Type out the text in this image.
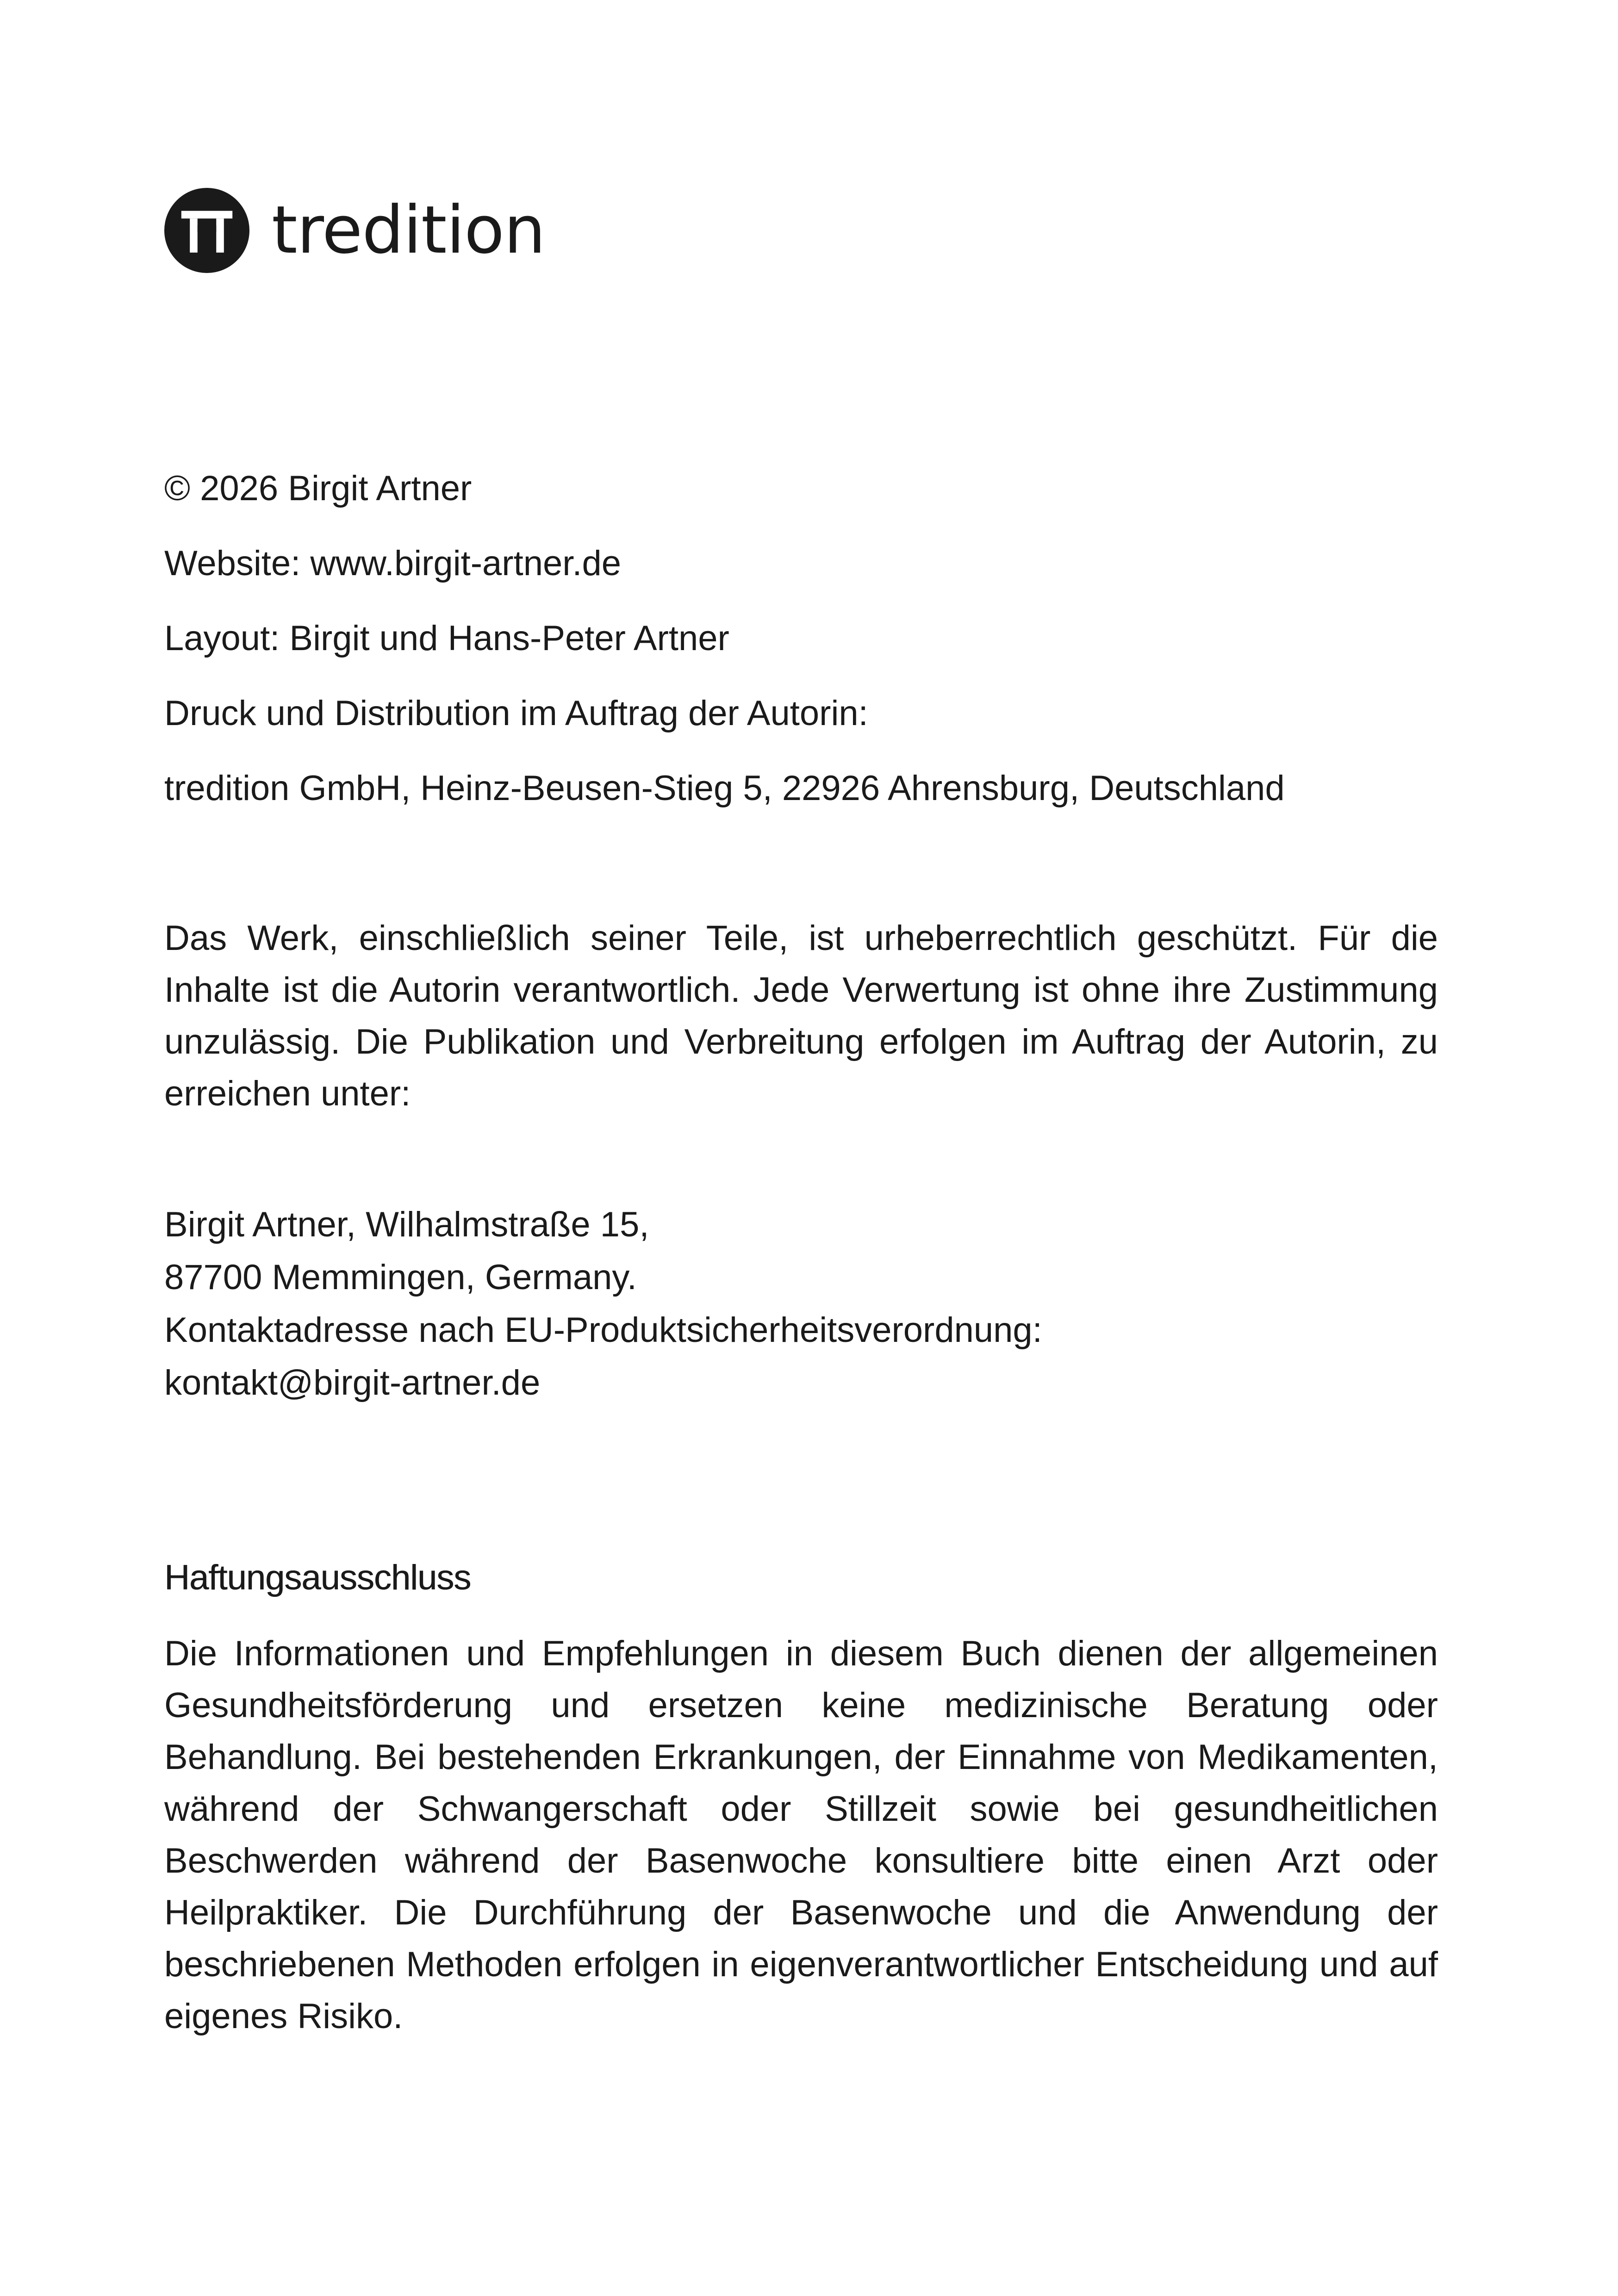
tredition
© 2026 Birgit Artner
Website: www.birgit-artner.de
Layout: Birgit und Hans-Peter Artner
Druck und Distribution im Auftrag der Autorin:
tredition GmbH, Heinz-Beusen-Stieg 5, 22926 Ahrensburg, Deutschland

Das Werk, einschließlich seiner Teile, ist urheberrechtlich geschützt. Für die Inhalte ist die Autorin verantwortlich. Jede Verwertung ist ohne ihre Zustimmung unzulässig. Die Publikation und Verbreitung erfolgen im Auftrag der Autorin, zu erreichen unter:

Birgit Artner, Wilhalmstraße 15,
87700 Memmingen, Germany.
Kontaktadresse nach EU-Produktsicherheitsverordnung:
kontakt@birgit-artner.de

Haftungsausschluss

Die Informationen und Empfehlungen in diesem Buch dienen der allgemeinen Gesundheitsförderung und ersetzen keine medizinische Beratung oder Behandlung. Bei bestehenden Erkrankungen, der Einnahme von Medikamenten, während der Schwangerschaft oder Stillzeit sowie bei gesundheitlichen Beschwerden während der Basenwoche konsultiere bitte einen Arzt oder Heilpraktiker. Die Durchführung der Basenwoche und die Anwendung der beschriebenen Methoden erfolgen in eigenverantwortlicher Entscheidung und auf eigenes Risiko.
